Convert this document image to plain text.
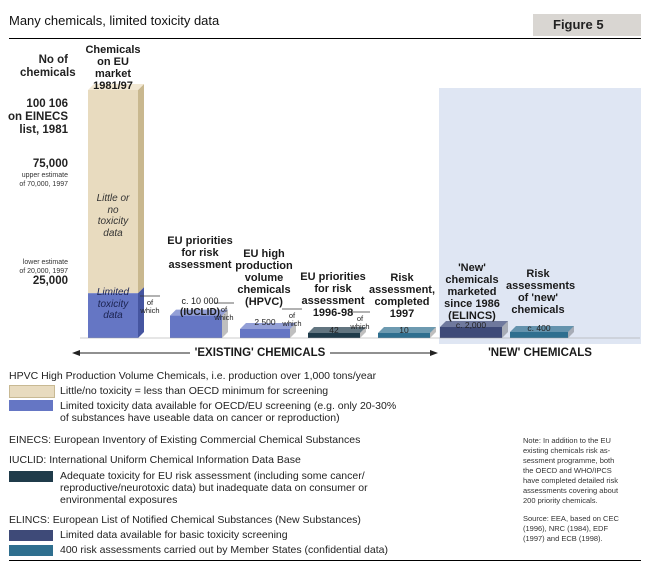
Many chemicals, limited toxicity data	Figure 5
No of
chemicals
100 106
on EINECS
list, 1981
75,000
upper estimate
of 70,000, 1997
lower estimate
of 20,000, 1997
25,000
2 500
42	10	c. 2,000	c. 400
of
which	of
which	of
which
of
which
'EXISTING' CHEMICALS	'NEW' CHEMICALS
Chemicals
on EU
market
1981/97
EU priorities
for risk
assessment
EU high
production
volume
chemicals
(HPVC)
EU priorities
for risk
assessment
1996-98
Risk
assessment,
completed
1997
'New'
chemicals
marketed
since 1986
(ELINCS)
Risk
assessments
of 'new'
chemicals
Little or
no
toxicity
data
Limited
toxicity
data
c. 10 000
(IUCLID)
HPVC High Production Volume Chemicals, i.e. production over 1,000 tons/year
Little/no toxicity = less than OECD minimum for screening
Limited toxicity data available for OECD/EU screening (e.g. only 20-30%
of substances have useable data on cancer or reproduction)
EINECS: European Inventory of Existing Commercial Chemical Substances
IUCLID: International Uniform Chemical Information Data Base
Adequate toxicity for EU risk assessment (including some cancer/
reproductive/neurotoxic data) but inadequate data on consumer or
environmental exposures
ELINCS: European List of Notified Chemical Substances (New Substances)
Limited data available for basic toxicity screening
400 risk assessments carried out by Member States (confidential data)
Note: In addition to the EU
existing chemicals risk as-
sessment programme, both
the OECD and WHO/IPCS
have completed detailed risk
assessments covering about
200 priority chemicals.
Source: EEA, based on CEC
(1996), NRC (1984), EDF
(1997) and ECB (1998).
